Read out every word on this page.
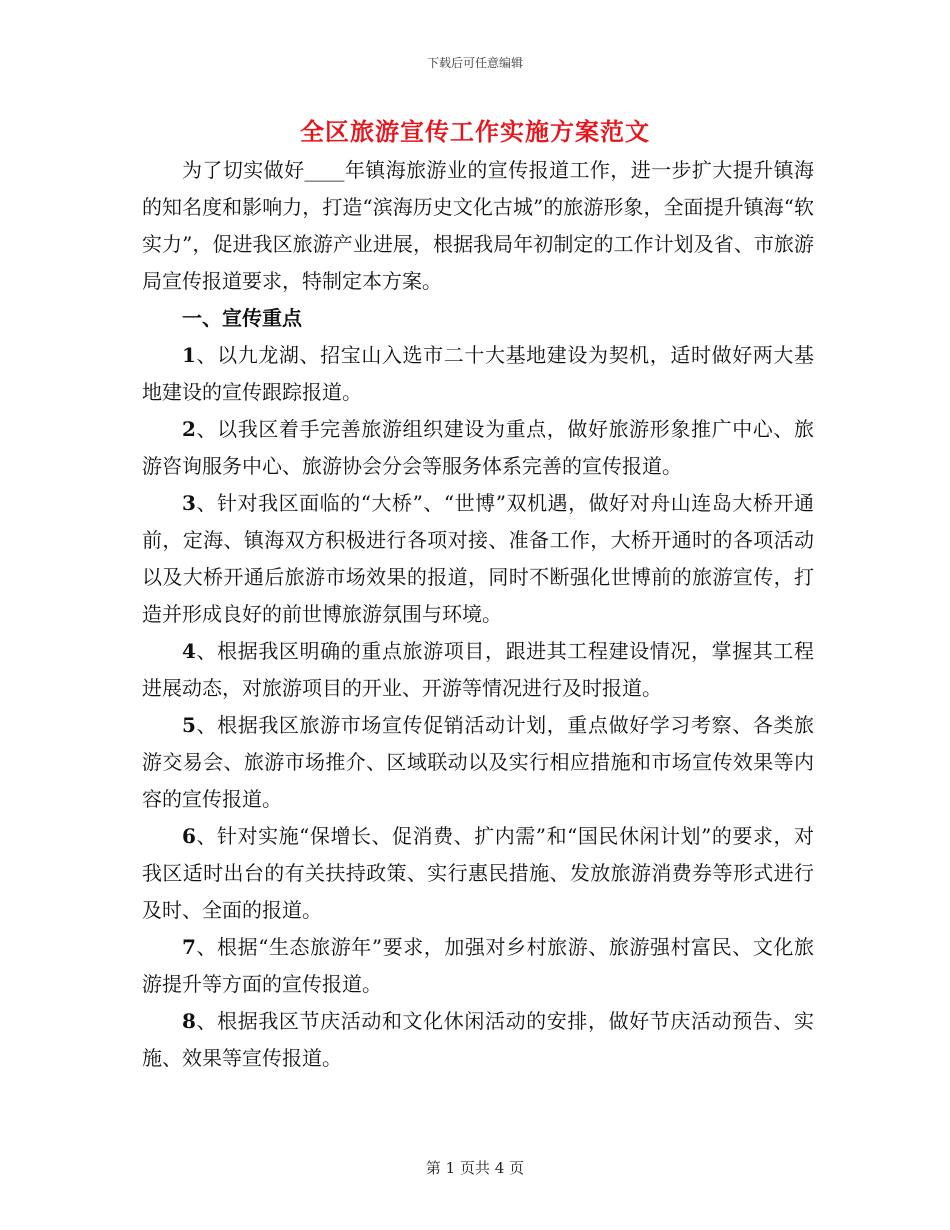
下载后可任意编辑
全区旅游宣传工作实施方案范文

为了切实做好____年镇海旅游业的宣传报道工作，进一步扩大提升镇海的知名度和影响力，打造“滨海历史文化古城”的旅游形象，全面提升镇海“软实力”，促进我区旅游产业进展，根据我局年初制定的工作计划及省、市旅游局宣传报道要求，特制定本方案。

一、宣传重点

1、以九龙湖、招宝山入选市二十大基地建设为契机，适时做好两大基地建设的宣传跟踪报道。

2、以我区着手完善旅游组织建设为重点，做好旅游形象推广中心、旅游咨询服务中心、旅游协会分会等服务体系完善的宣传报道。

3、针对我区面临的“大桥”、“世博”双机遇，做好对舟山连岛大桥开通前，定海、镇海双方积极进行各项对接、准备工作，大桥开通时的各项活动以及大桥开通后旅游市场效果的报道，同时不断强化世博前的旅游宣传，打造并形成良好的前世博旅游氛围与环境。

4、根据我区明确的重点旅游项目，跟进其工程建设情况，掌握其工程进展动态，对旅游项目的开业、开游等情况进行及时报道。

5、根据我区旅游市场宣传促销活动计划，重点做好学习考察、各类旅游交易会、旅游市场推介、区域联动以及实行相应措施和市场宣传效果等内容的宣传报道。

6、针对实施“保增长、促消费、扩内需”和“国民休闲计划”的要求，对我区适时出台的有关扶持政策、实行惠民措施、发放旅游消费券等形式进行及时、全面的报道。

7、根据“生态旅游年”要求，加强对乡村旅游、旅游强村富民、文化旅游提升等方面的宣传报道。

8、根据我区节庆活动和文化休闲活动的安排，做好节庆活动预告、实施、效果等宣传报道。

第 1 页共 4 页
